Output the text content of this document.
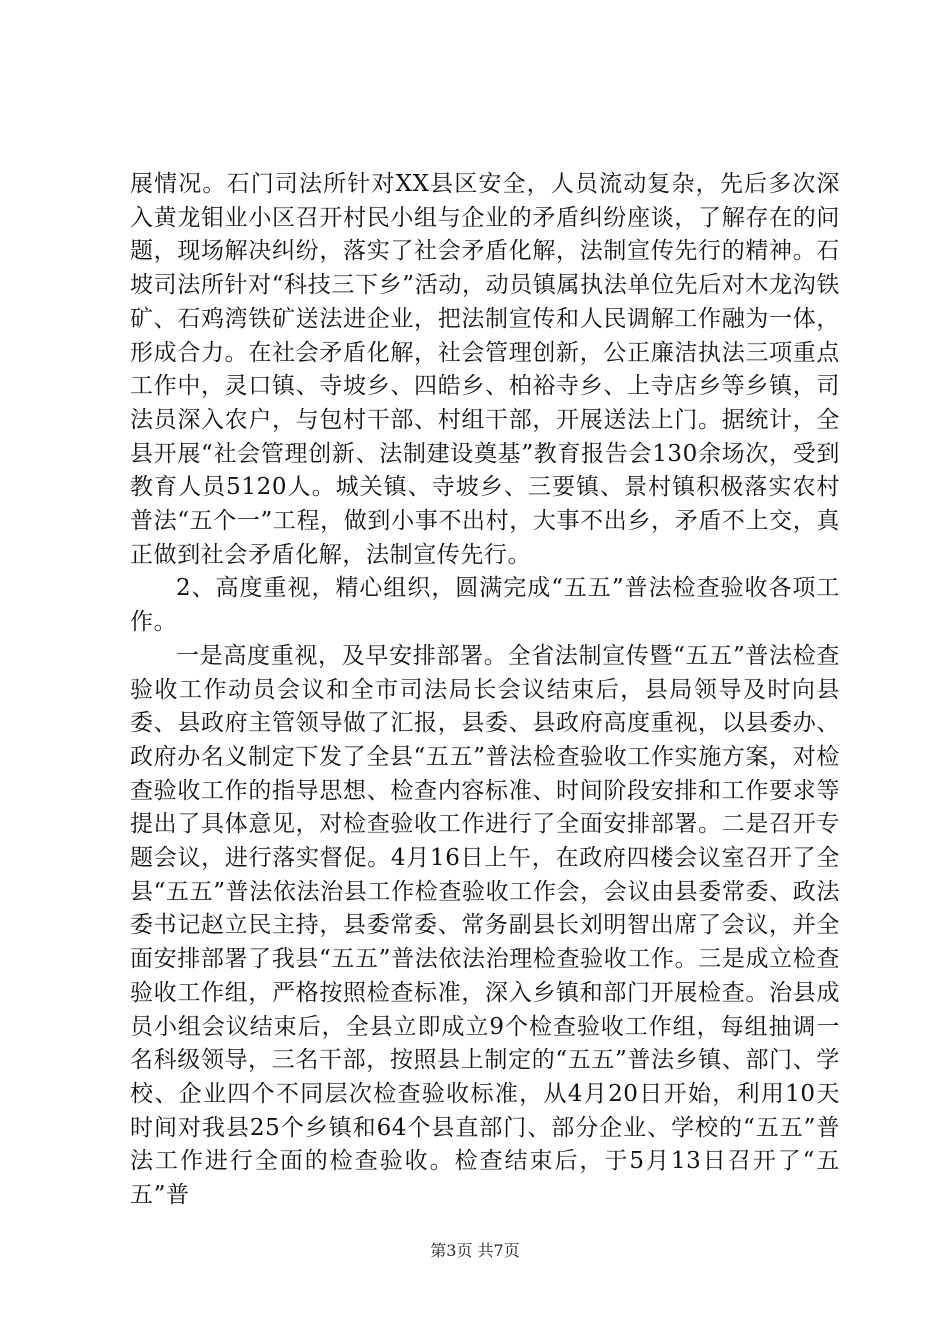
展情况。石门司法所针对XX县区安全，人员流动复杂，先后多次深入黄龙钼业小区召开村民小组与企业的矛盾纠纷座谈，了解存在的问题，现场解决纠纷，落实了社会矛盾化解，法制宣传先行的精神。石坡司法所针对“科技三下乡”活动，动员镇属执法单位先后对木龙沟铁矿、石鸡湾铁矿送法进企业，把法制宣传和人民调解工作融为一体，形成合力。在社会矛盾化解，社会管理创新，公正廉洁执法三项重点工作中，灵口镇、寺坡乡、四皓乡、柏裕寺乡、上寺店乡等乡镇，司法员深入农户，与包村干部、村组干部，开展送法上门。据统计，全县开展“社会管理创新、法制建设奠基”教育报告会130余场次，受到教育人员5120人。城关镇、寺坡乡、三要镇、景村镇积极落实农村普法“五个一”工程，做到小事不出村，大事不出乡，矛盾不上交，真正做到社会矛盾化解，法制宣传先行。

2、高度重视，精心组织，圆满完成“五五”普法检查验收各项工作。

一是高度重视，及早安排部署。全省法制宣传暨“五五”普法检查验收工作动员会议和全市司法局长会议结束后，县局领导及时向县委、县政府主管领导做了汇报，县委、县政府高度重视，以县委办、政府办名义制定下发了全县“五五”普法检查验收工作实施方案，对检查验收工作的指导思想、检查内容标准、时间阶段安排和工作要求等提出了具体意见，对检查验收工作进行了全面安排部署。二是召开专题会议，进行落实督促。4月16日上午，在政府四楼会议室召开了全县“五五”普法依法治县工作检查验收工作会，会议由县委常委、政法委书记赵立民主持，县委常委、常务副县长刘明智出席了会议，并全面安排部署了我县“五五”普法依法治理检查验收工作。三是成立检查验收工作组，严格按照检查标准，深入乡镇和部门开展检查。治县成员小组会议结束后，全县立即成立9个检查验收工作组，每组抽调一名科级领导，三名干部，按照县上制定的“五五”普法乡镇、部门、学校、企业四个不同层次检查验收标准，从4月20日开始，利用10天时间对我县25个乡镇和64个县直部门、部分企业、学校的“五五”普法工作进行全面的检查验收。检查结束后，于5月13日召开了“五五”普

第3页 共7页
